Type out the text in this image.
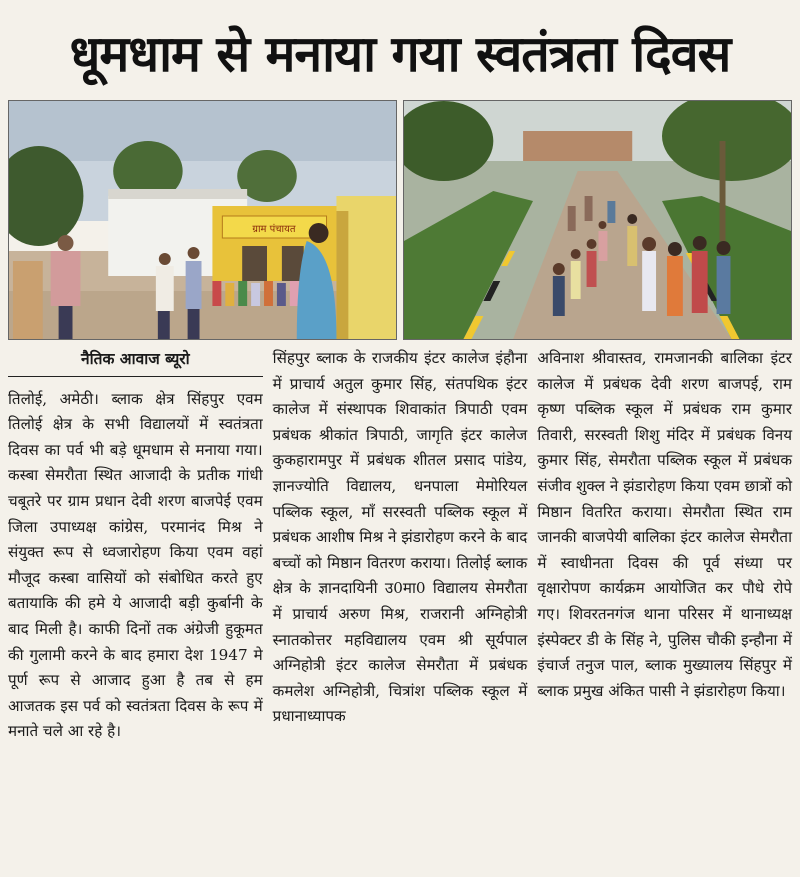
धूमधाम से मनाया गया स्वतंत्रता दिवस
ग्राम पंचायत
नैतिक आवाज ब्यूरो

तिलोई, अमेठी। ब्लाक क्षेत्र सिंहपुर एवम तिलोई क्षेत्र के सभी विद्यालयों में स्वतंत्रता दिवस का पर्व भी बड़े धूमधाम से मनाया गया। कस्बा सेमरौता स्थित आजादी के प्रतीक गांधी चबूतरे पर ग्राम प्रधान देवी शरण बाजपेई एवम जिला उपाध्यक्ष कांग्रेस, परमानंद मिश्र ने संयुक्त रूप से ध्वजारोहण किया एवम वहां मौजूद कस्बा वासियों को संबोधित करते हुए बतायाकि की हमे ये आजादी बड़ी कुर्बानी के बाद मिली है। काफी दिनों तक अंग्रेजी हुकूमत की गुलामी करने के बाद हमारा देश 1947 मे पूर्ण रूप से आजाद हुआ है तब से हम आजतक इस पर्व को स्वतंत्रता दिवस के रूप में मनाते चले आ रहे है।

सिंहपुर ब्लाक के राजकीय इंटर कालेज इंहौना में प्राचार्य अतुल कुमार सिंह, संतपथिक इंटर कालेज में संस्थापक शिवाकांत त्रिपाठी एवम प्रबंधक श्रीकांत त्रिपाठी, जागृति इंटर कालेज कुकहारामपुर में प्रबंधक शीतल प्रसाद पांडेय, ज्ञानज्योति विद्यालय, धनपाला मेमोरियल पब्लिक स्कूल, माँ सरस्वती पब्लिक स्कूल में प्रबंधक आशीष मिश्र ने झंडारोहण करने के बाद बच्चों को मिष्ठान वितरण कराया। तिलोई ब्लाक क्षेत्र के ज्ञानदायिनी उ0मा0 विद्यालय सेमरौता में प्राचार्य अरुण मिश्र, राजरानी अग्निहोत्री स्नातकोत्तर महविद्यालय एवम श्री सूर्यपाल अग्निहोत्री इंटर कालेज सेमरौता में प्रबंधक कमलेश अग्निहोत्री, चित्रांश पब्लिक स्कूल में प्रधानाध्यापक

अविनाश श्रीवास्तव, रामजानकी बालिका इंटर कालेज में प्रबंधक देवी शरण बाजपई, राम कृष्ण पब्लिक स्कूल में प्रबंधक राम कुमार तिवारी, सरस्वती शिशु मंदिर में प्रबंधक विनय कुमार सिंह, सेमरौता पब्लिक स्कूल में प्रबंधक संजीव शुक्ल ने झंडारोहण किया एवम छात्रों को मिष्ठान वितरित कराया। सेमरौता स्थित राम जानकी बाजपेयी बालिका इंटर कालेज सेमरौता में स्वाधीनता दिवस की पूर्व संध्या पर वृक्षारोपण कार्यक्रम आयोजित कर पौधे रोपे गए। शिवरतनगंज थाना परिसर में थानाध्यक्ष इंस्पेक्टर डी के सिंह ने, पुलिस चौकी इन्हौना में इंचार्ज तनुज पाल, ब्लाक मुख्यालय सिंहपुर में ब्लाक प्रमुख अंकित पासी ने झंडारोहण किया।
